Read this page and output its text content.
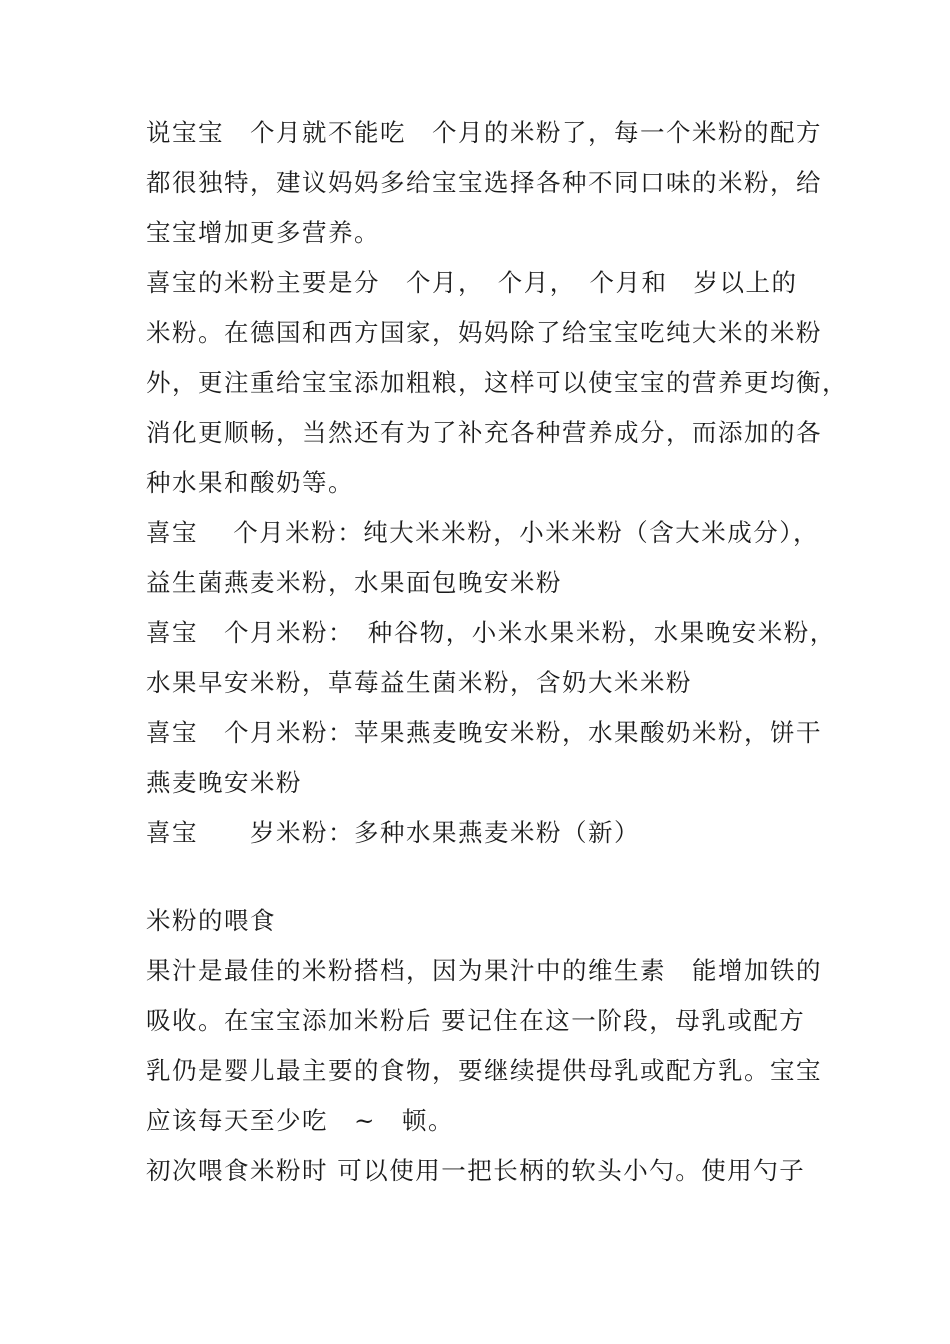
说宝宝　个月就不能吃　个月的米粉了，每一个米粉的配方
都很独特，建议妈妈多给宝宝选择各种不同口味的米粉，给
宝宝增加更多营养。

喜宝的米粉主要是分　个月，　个月，　个月和　岁以上的
米粉。在德国和西方国家，妈妈除了给宝宝吃纯大米的米粉
外，更注重给宝宝添加粗粮，这样可以使宝宝的营养更均衡，
消化更顺畅，当然还有为了补充各种营养成分，而添加的各
种水果和酸奶等。

喜宝　 个月米粉：纯大米米粉，小米米粉（含大米成分），
益生菌燕麦米粉，水果面包晚安米粉

喜宝　个月米粉：　种谷物，小米水果米粉，水果晚安米粉，
水果早安米粉，草莓益生菌米粉，含奶大米米粉

喜宝　个月米粉：苹果燕麦晚安米粉，水果酸奶米粉，饼干
燕麦晚安米粉

喜宝　　岁米粉：多种水果燕麦米粉（新）

米粉的喂食

果汁是最佳的米粉搭档，因为果汁中的维生素　能增加铁的
吸收。在宝宝添加米粉后 要记住在这一阶段，母乳或配方
乳仍是婴儿最主要的食物，要继续提供母乳或配方乳。宝宝
应该每天至少吃　~　顿。

初次喂食米粉时 可以使用一把长柄的软头小勺。使用勺子
